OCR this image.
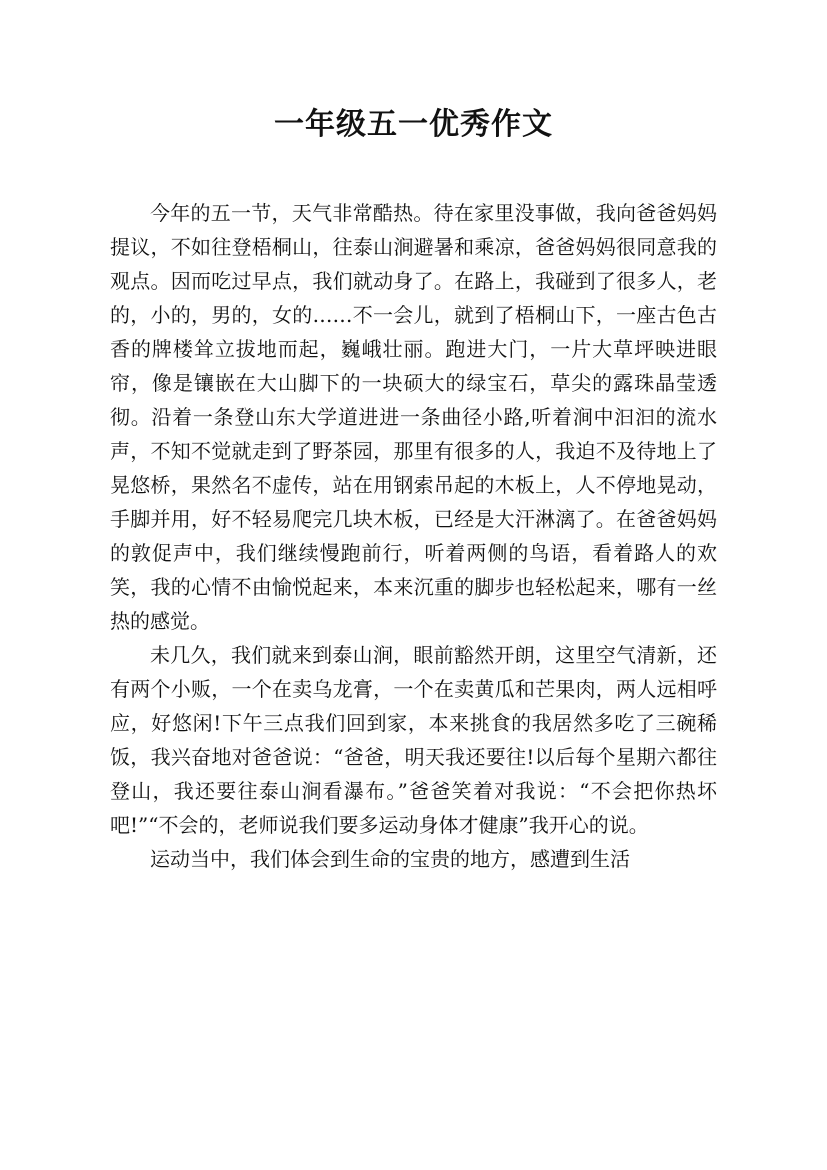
一年级五一优秀作文

今年的五一节，天气非常酷热。待在家里没事做，我向爸爸妈妈提议，不如往登梧桐山，往泰山涧避暑和乘凉，爸爸妈妈很同意我的观点。因而吃过早点，我们就动身了。在路上，我碰到了很多人，老的，小的，男的，女的……不一会儿，就到了梧桐山下，一座古色古香的牌楼耸立拔地而起，巍峨壮丽。跑进大门，一片大草坪映进眼帘，像是镶嵌在大山脚下的一块硕大的绿宝石，草尖的露珠晶莹透彻。沿着一条登山东大学道进进一条曲径小路,听着涧中汩汩的流水声，不知不觉就走到了野茶园，那里有很多的人，我迫不及待地上了晃悠桥，果然名不虚传，站在用钢索吊起的木板上，人不停地晃动，手脚并用，好不轻易爬完几块木板，已经是大汗淋漓了。在爸爸妈妈的敦促声中，我们继续慢跑前行，听着两侧的鸟语，看着路人的欢笑，我的心情不由愉悦起来，本来沉重的脚步也轻松起来，哪有一丝热的感觉。

未几久，我们就来到泰山涧，眼前豁然开朗，这里空气清新，还有两个小贩，一个在卖乌龙膏，一个在卖黄瓜和芒果肉，两人远相呼应，好悠闲!下午三点我们回到家，本来挑食的我居然多吃了三碗稀饭，我兴奋地对爸爸说：“爸爸，明天我还要往!以后每个星期六都往登山，我还要往泰山涧看瀑布。”爸爸笑着对我说：“不会把你热坏吧!”“不会的，老师说我们要多运动身体才健康”我开心的说。

运动当中，我们体会到生命的宝贵的地方，感遭到生活
